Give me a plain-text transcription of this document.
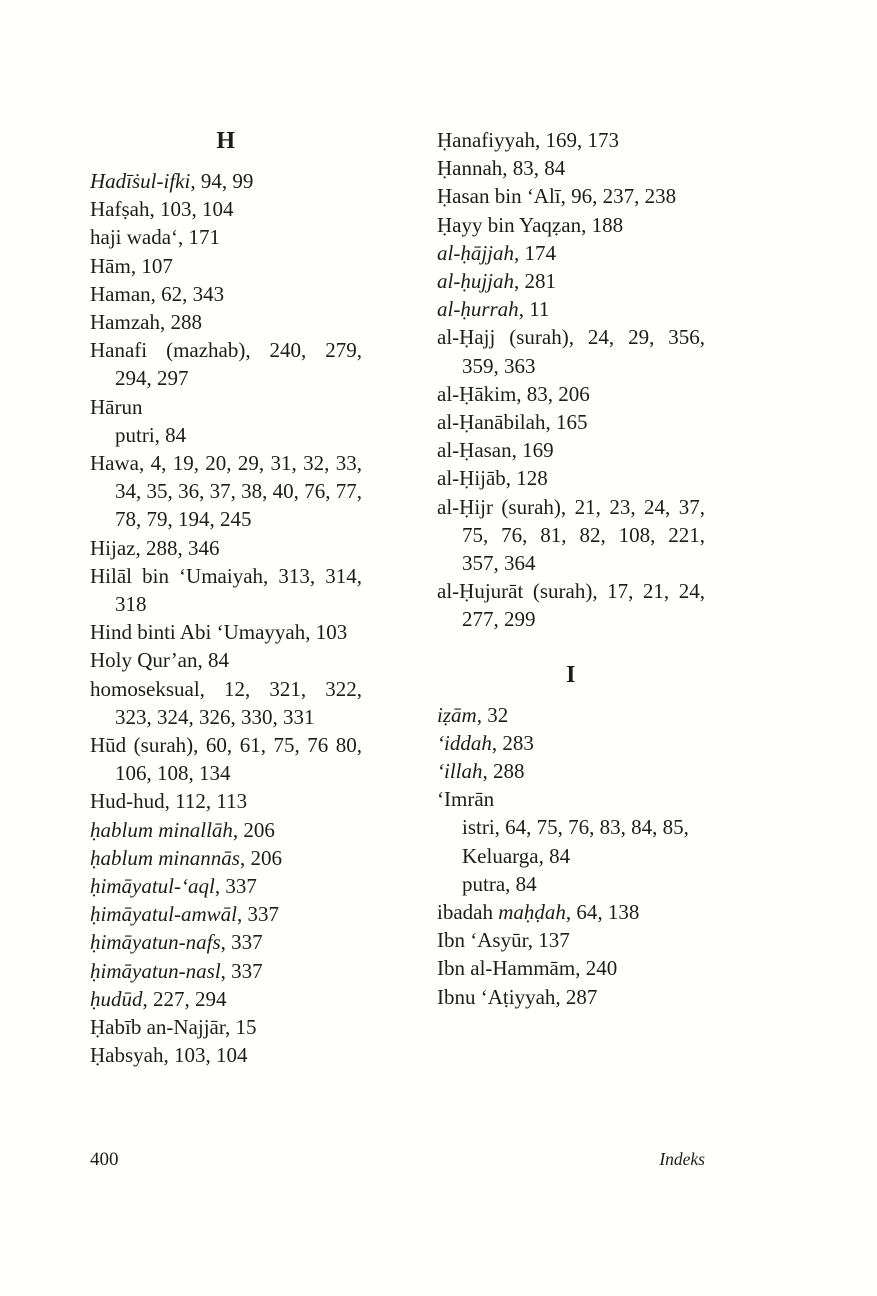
H

Hadīṡul-ifki, 94, 99

Hafṣah, 103, 104

haji wada‘, 171

Hām, 107

Haman, 62, 343

Hamzah, 288

Hanafi (mazhab), 240, 279, 294, 297

Hārun

putri, 84

Hawa, 4, 19, 20, 29, 31, 32, 33, 34, 35, 36, 37, 38, 40, 76, 77, 78, 79, 194, 245

Hijaz, 288, 346

Hilāl bin ‘Umaiyah, 313, 314, 318

Hind binti Abi ‘Umayyah, 103

Holy Qur’an, 84

homoseksual, 12, 321, 322, 323, 324, 326, 330, 331

Hūd (surah), 60, 61, 75, 76 80, 106, 108, 134

Hud-hud, 112, 113

ḥablum minallāh, 206

ḥablum minannās, 206

ḥimāyatul-‘aql, 337

ḥimāyatul-amwāl, 337

ḥimāyatun-nafs, 337

ḥimāyatun-nasl, 337

ḥudūd, 227, 294

Ḥabīb an-Najjār, 15

Ḥabsyah, 103, 104

Ḥanafiyyah, 169, 173

Ḥannah, 83, 84

Ḥasan bin ‘Alī, 96, 237, 238

Ḥayy bin Yaqẓan, 188

al-ḥājjah, 174

al-ḥujjah, 281

al-ḥurrah, 11

al-Ḥajj (surah), 24, 29, 356, 359, 363

al-Ḥākim, 83, 206

al-Ḥanābilah, 165

al-Ḥasan, 169

al-Ḥijāb, 128

al-Ḥijr (surah), 21, 23, 24, 37, 75, 76, 81, 82, 108, 221, 357, 364

al-Ḥujurāt (surah), 17, 21, 24, 277, 299

I

iẓām, 32

‘iddah, 283

‘illah, 288

‘Imrān

istri, 64, 75, 76, 83, 84, 85,

Keluarga, 84

putra, 84

ibadah maḥḍah, 64, 138

Ibn ‘Asyūr, 137

Ibn al-Hammām, 240

Ibnu ‘Aṭiyyah, 287

400	Indeks
